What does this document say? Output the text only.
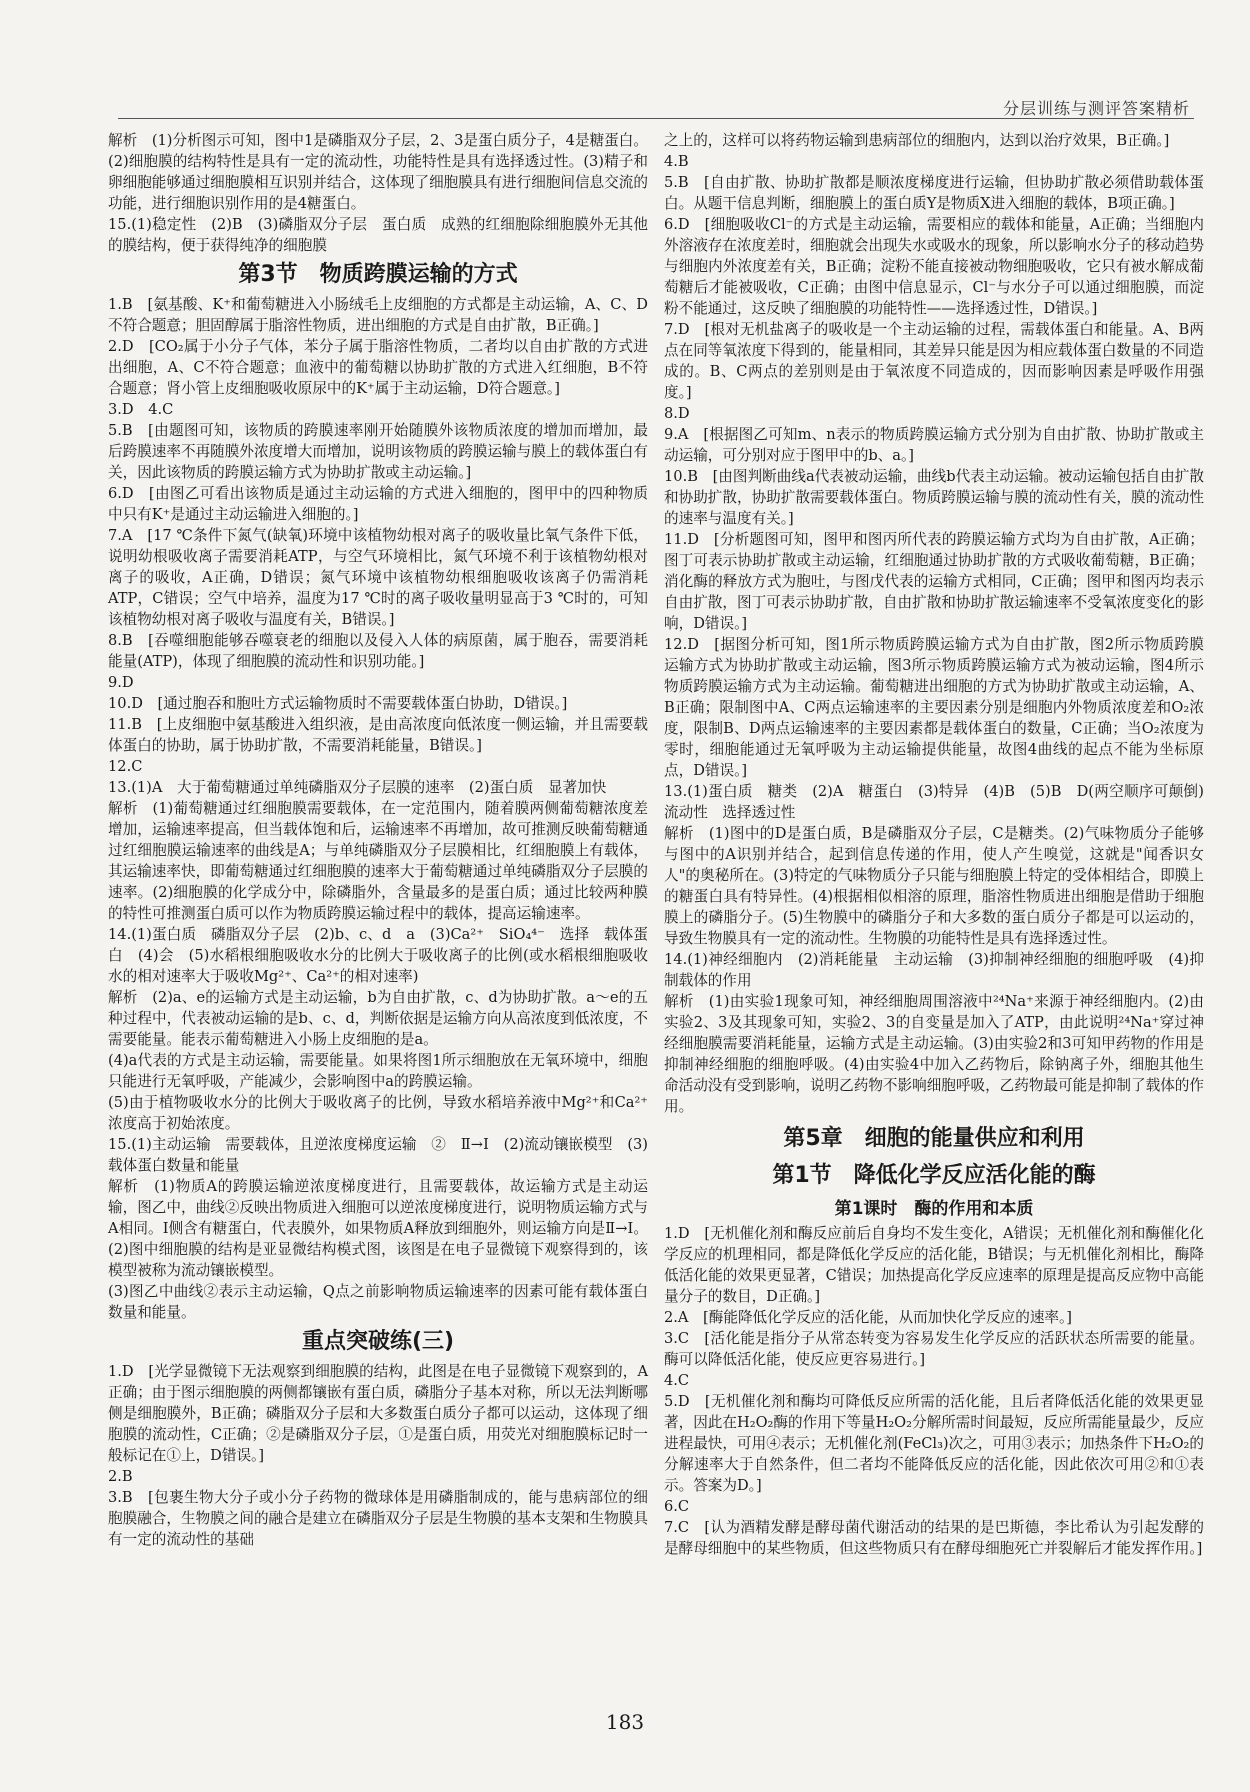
分层训练与测评答案精析
解析　(1)分析图示可知，图中1是磷脂双分子层，2、3是蛋白质分子，4是糖蛋白。(2)细胞膜的结构特性是具有一定的流动性，功能特性是具有选择透过性。(3)精子和卵细胞能够通过细胞膜相互识别并结合，这体现了细胞膜具有进行细胞间信息交流的功能，进行细胞识别作用的是4糖蛋白。
15.(1)稳定性　(2)B　(3)磷脂双分子层　蛋白质　成熟的红细胞除细胞膜外无其他的膜结构，便于获得纯净的细胞膜
第3节　物质跨膜运输的方式
1.B　[氨基酸、K⁺和葡萄糖进入小肠绒毛上皮细胞的方式都是主动运输，A、C、D不符合题意；胆固醇属于脂溶性物质，进出细胞的方式是自由扩散，B正确。]
2.D　[CO₂属于小分子气体，苯分子属于脂溶性物质，二者均以自由扩散的方式进出细胞，A、C不符合题意；血液中的葡萄糖以协助扩散的方式进入红细胞，B不符合题意；肾小管上皮细胞吸收原尿中的K⁺属于主动运输，D符合题意。]
3.D　4.C
5.B　[由题图可知，该物质的跨膜速率刚开始随膜外该物质浓度的增加而增加，最后跨膜速率不再随膜外浓度增大而增加，说明该物质的跨膜运输与膜上的载体蛋白有关，因此该物质的跨膜运输方式为协助扩散或主动运输。]
6.D　[由图乙可看出该物质是通过主动运输的方式进入细胞的，图甲中的四种物质中只有K⁺是通过主动运输进入细胞的。]
7.A　[17 ℃条件下氮气(缺氧)环境中该植物幼根对离子的吸收量比氧气条件下低，说明幼根吸收离子需要消耗ATP，与空气环境相比，氮气环境不利于该植物幼根对离子的吸收，A正确，D错误；氮气环境中该植物幼根细胞吸收该离子仍需消耗ATP，C错误；空气中培养，温度为17 ℃时的离子吸收量明显高于3 ℃时的，可知该植物幼根对离子吸收与温度有关，B错误。]
8.B　[吞噬细胞能够吞噬衰老的细胞以及侵入人体的病原菌，属于胞吞，需要消耗能量(ATP)，体现了细胞膜的流动性和识别功能。]
9.D
10.D　[通过胞吞和胞吐方式运输物质时不需要载体蛋白协助，D错误。]
11.B　[上皮细胞中氨基酸进入组织液，是由高浓度向低浓度一侧运输，并且需要载体蛋白的协助，属于协助扩散，不需要消耗能量，B错误。]
12.C
13.(1)A　大于葡萄糖通过单纯磷脂双分子层膜的速率　(2)蛋白质　显著加快
解析　(1)葡萄糖通过红细胞膜需要载体，在一定范围内，随着膜两侧葡萄糖浓度差增加，运输速率提高，但当载体饱和后，运输速率不再增加，故可推测反映葡萄糖通过红细胞膜运输速率的曲线是A；与单纯磷脂双分子层膜相比，红细胞膜上有载体，其运输速率快，即葡萄糖通过红细胞膜的速率大于葡萄糖通过单纯磷脂双分子层膜的速率。(2)细胞膜的化学成分中，除磷脂外，含量最多的是蛋白质；通过比较两种膜的特性可推测蛋白质可以作为物质跨膜运输过程中的载体，提高运输速率。
14.(1)蛋白质　磷脂双分子层　(2)b、c、d　a　(3)Ca²⁺　SiO₄⁴⁻　选择　载体蛋白　(4)会　(5)水稻根细胞吸收水分的比例大于吸收离子的比例(或水稻根细胞吸收水的相对速率大于吸收Mg²⁺、Ca²⁺的相对速率)
解析　(2)a、e的运输方式是主动运输，b为自由扩散，c、d为协助扩散。a～e的五种过程中，代表被动运输的是b、c、d，判断依据是运输方向从高浓度到低浓度，不需要能量。能表示葡萄糖进入小肠上皮细胞的是a。
(4)a代表的方式是主动运输，需要能量。如果将图1所示细胞放在无氧环境中，细胞只能进行无氧呼吸，产能减少，会影响图中a的跨膜运输。
(5)由于植物吸收水分的比例大于吸收离子的比例，导致水稻培养液中Mg²⁺和Ca²⁺浓度高于初始浓度。
15.(1)主动运输　需要载体，且逆浓度梯度运输　②　Ⅱ→Ⅰ　(2)流动镶嵌模型　(3)载体蛋白数量和能量
解析　(1)物质A的跨膜运输逆浓度梯度进行，且需要载体，故运输方式是主动运输，图乙中，曲线②反映出物质进入细胞可以逆浓度梯度进行，说明物质运输方式与A相同。Ⅰ侧含有糖蛋白，代表膜外，如果物质A释放到细胞外，则运输方向是Ⅱ→Ⅰ。(2)图中细胞膜的结构是亚显微结构模式图，该图是在电子显微镜下观察得到的，该模型被称为流动镶嵌模型。
(3)图乙中曲线②表示主动运输，Q点之前影响物质运输速率的因素可能有载体蛋白数量和能量。
重点突破练(三)
1.D　[光学显微镜下无法观察到细胞膜的结构，此图是在电子显微镜下观察到的，A正确；由于图示细胞膜的两侧都镶嵌有蛋白质，磷脂分子基本对称，所以无法判断哪侧是细胞膜外，B正确；磷脂双分子层和大多数蛋白质分子都可以运动，这体现了细胞膜的流动性，C正确；②是磷脂双分子层，①是蛋白质，用荧光对细胞膜标记时一般标记在①上，D错误。]
2.B
3.B　[包裹生物大分子或小分子药物的微球体是用磷脂制成的，能与患病部位的细胞膜融合，生物膜之间的融合是建立在磷脂双分子层是生物膜的基本支架和生物膜具有一定的流动性的基础
之上的，这样可以将药物运输到患病部位的细胞内，达到以治疗效果，B正确。]
4.B
5.B　[自由扩散、协助扩散都是顺浓度梯度进行运输，但协助扩散必须借助载体蛋白。从题干信息判断，细胞膜上的蛋白质Y是物质X进入细胞的载体，B项正确。]
6.D　[细胞吸收Cl⁻的方式是主动运输，需要相应的载体和能量，A正确；当细胞内外溶液存在浓度差时，细胞就会出现失水或吸水的现象，所以影响水分子的移动趋势与细胞内外浓度差有关，B正确；淀粉不能直接被动物细胞吸收，它只有被水解成葡萄糖后才能被吸收，C正确；由图中信息显示，Cl⁻与水分子可以通过细胞膜，而淀粉不能通过，这反映了细胞膜的功能特性——选择透过性，D错误。]
7.D　[根对无机盐离子的吸收是一个主动运输的过程，需载体蛋白和能量。A、B两点在同等氧浓度下得到的，能量相同，其差异只能是因为相应载体蛋白数量的不同造成的。B、C两点的差别则是由于氧浓度不同造成的，因而影响因素是呼吸作用强度。]
8.D
9.A　[根据图乙可知m、n表示的物质跨膜运输方式分别为自由扩散、协助扩散或主动运输，可分别对应于图甲中的b、a。]
10.B　[由图判断曲线a代表被动运输，曲线b代表主动运输。被动运输包括自由扩散和协助扩散，协助扩散需要载体蛋白。物质跨膜运输与膜的流动性有关，膜的流动性的速率与温度有关。]
11.D　[分析题图可知，图甲和图丙所代表的跨膜运输方式均为自由扩散，A正确；图丁可表示协助扩散或主动运输，红细胞通过协助扩散的方式吸收葡萄糖，B正确；消化酶的释放方式为胞吐，与图戊代表的运输方式相同，C正确；图甲和图丙均表示自由扩散，图丁可表示协助扩散，自由扩散和协助扩散运输速率不受氧浓度变化的影响，D错误。]
12.D　[据图分析可知，图1所示物质跨膜运输方式为自由扩散，图2所示物质跨膜运输方式为协助扩散或主动运输，图3所示物质跨膜运输方式为被动运输，图4所示物质跨膜运输方式为主动运输。葡萄糖进出细胞的方式为协助扩散或主动运输，A、B正确；限制图中A、C两点运输速率的主要因素分别是细胞内外物质浓度差和O₂浓度，限制B、D两点运输速率的主要因素都是载体蛋白的数量，C正确；当O₂浓度为零时，细胞能通过无氧呼吸为主动运输提供能量，故图4曲线的起点不能为坐标原点，D错误。]
13.(1)蛋白质　糖类　(2)A　糖蛋白　(3)特异　(4)B　(5)B　D(两空顺序可颠倒)　流动性　选择透过性
解析　(1)图中的D是蛋白质，B是磷脂双分子层，C是糖类。(2)气味物质分子能够与图中的A识别并结合，起到信息传递的作用，使人产生嗅觉，这就是"闻香识女人"的奥秘所在。(3)特定的气味物质分子只能与细胞膜上特定的受体相结合，即膜上的糖蛋白具有特异性。(4)根据相似相溶的原理，脂溶性物质进出细胞是借助于细胞膜上的磷脂分子。(5)生物膜中的磷脂分子和大多数的蛋白质分子都是可以运动的，导致生物膜具有一定的流动性。生物膜的功能特性是具有选择透过性。
14.(1)神经细胞内　(2)消耗能量　主动运输　(3)抑制神经细胞的细胞呼吸　(4)抑制载体的作用
解析　(1)由实验1现象可知，神经细胞周围溶液中²⁴Na⁺来源于神经细胞内。(2)由实验2、3及其现象可知，实验2、3的自变量是加入了ATP，由此说明²⁴Na⁺穿过神经细胞膜需要消耗能量，运输方式是主动运输。(3)由实验2和3可知甲药物的作用是抑制神经细胞的细胞呼吸。(4)由实验4中加入乙药物后，除钠离子外，细胞其他生命活动没有受到影响，说明乙药物不影响细胞呼吸，乙药物最可能是抑制了载体的作用。
第5章　细胞的能量供应和利用
第1节　降低化学反应活化能的酶
第1课时　酶的作用和本质
1.D　[无机催化剂和酶反应前后自身均不发生变化，A错误；无机催化剂和酶催化化学反应的机理相同，都是降低化学反应的活化能，B错误；与无机催化剂相比，酶降低活化能的效果更显著，C错误；加热提高化学反应速率的原理是提高反应物中高能量分子的数目，D正确。]
2.A　[酶能降低化学反应的活化能，从而加快化学反应的速率。]
3.C　[活化能是指分子从常态转变为容易发生化学反应的活跃状态所需要的能量。酶可以降低活化能，使反应更容易进行。]
4.C
5.D　[无机催化剂和酶均可降低反应所需的活化能，且后者降低活化能的效果更显著，因此在H₂O₂酶的作用下等量H₂O₂分解所需时间最短，反应所需能量最少，反应进程最快，可用④表示；无机催化剂(FeCl₃)次之，可用③表示；加热条件下H₂O₂的分解速率大于自然条件，但二者均不能降低反应的活化能，因此依次可用②和①表示。答案为D。]
6.C
7.C　[认为酒精发酵是酵母菌代谢活动的结果的是巴斯德，李比希认为引起发酵的是酵母细胞中的某些物质，但这些物质只有在酵母细胞死亡并裂解后才能发挥作用。]
183
